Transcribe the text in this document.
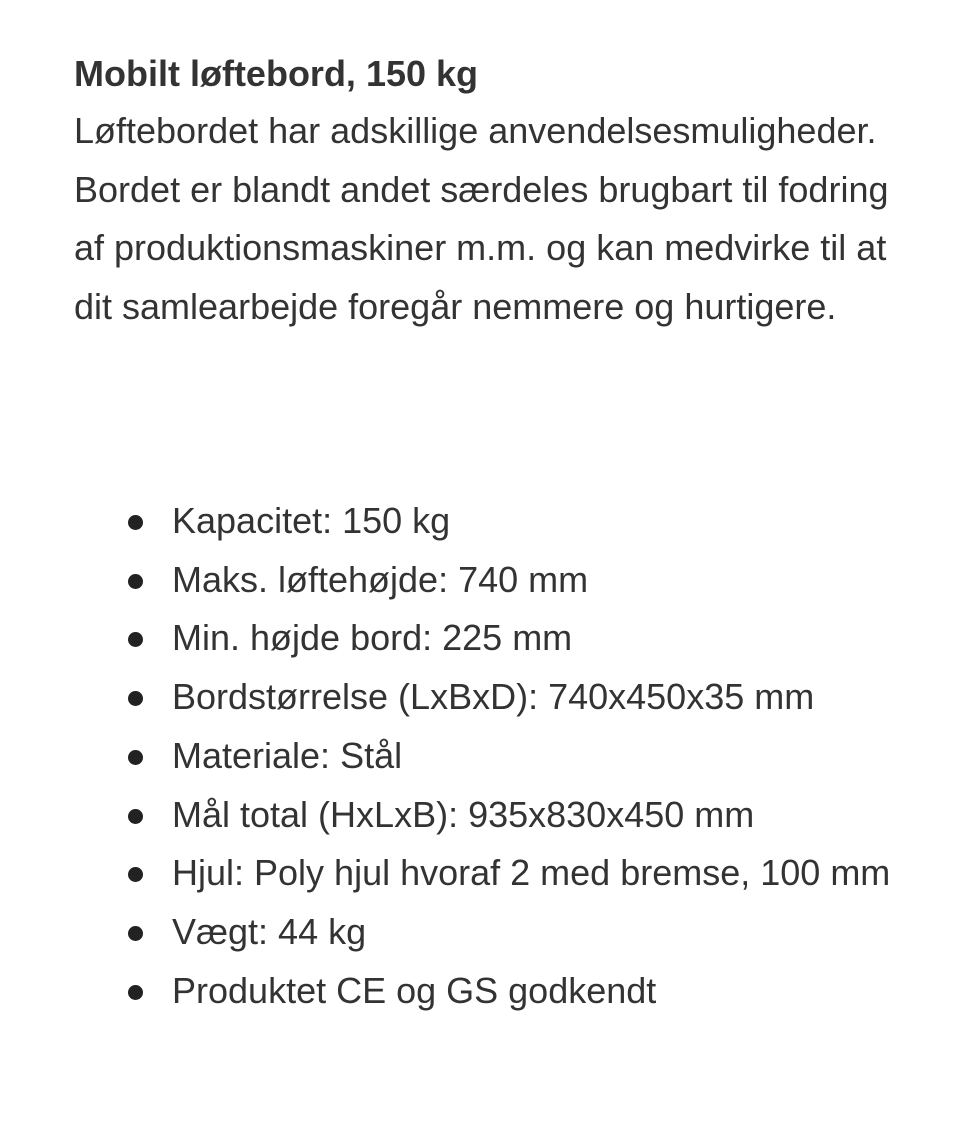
Mobilt løftebord, 150 kg

Løftebordet har adskillige anvendelsesmuligheder. Bordet er blandt andet særdeles brugbart til fodring af produktionsmaskiner m.m. og kan medvirke til at dit samlearbejde foregår nemmere og hurtigere.

Kapacitet: 150 kg
Maks. løftehøjde: 740 mm
Min. højde bord: 225 mm
Bordstørrelse (LxBxD): 740x450x35 mm
Materiale: Stål
Mål total (HxLxB): 935x830x450 mm
Hjul: Poly hjul hvoraf 2 med bremse, 100 mm
Vægt: 44 kg
Produktet CE og GS godkendt
